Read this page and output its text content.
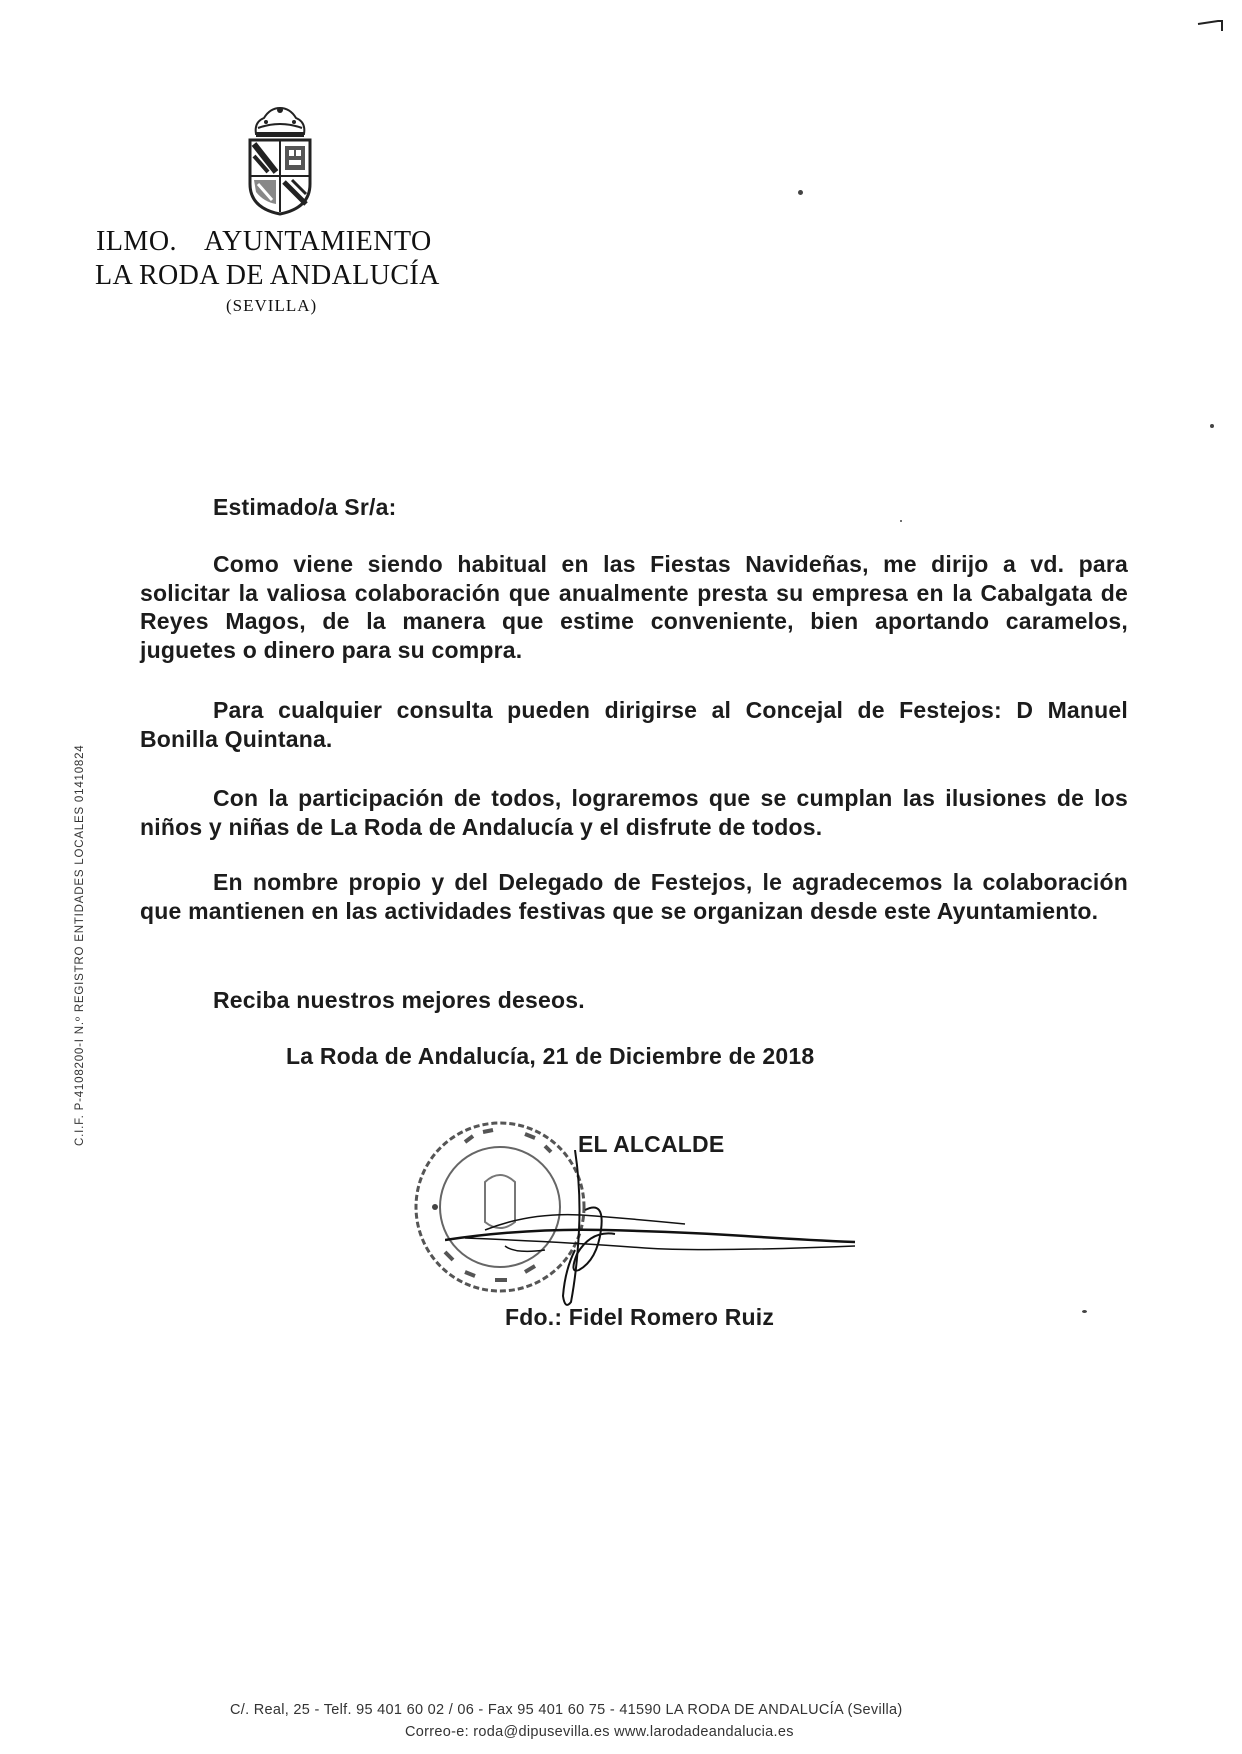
ILMO. AYUNTAMIENTO
LA RODA DE ANDALUCÍA
(SEVILLA)
C.I.F. P-4108200-I N.º REGISTRO ENTIDADES LOCALES 01410824
Estimado/a Sr/a:
Como viene siendo habitual en las Fiestas Navideñas, me dirijo a vd. para solicitar la valiosa colaboración que anualmente presta su empresa en la Cabalgata de Reyes Magos, de la manera que estime conveniente, bien aportando caramelos, juguetes o dinero para su compra.
Para cualquier consulta pueden dirigirse al Concejal de Festejos: D Manuel Bonilla Quintana.
Con la participación de todos, lograremos que se cumplan las ilusiones de los niños y niñas de La Roda de Andalucía y el disfrute de todos.
En nombre propio y del Delegado de Festejos, le agradecemos la colaboración que mantienen en las actividades festivas que se organizan desde este Ayuntamiento.
Reciba nuestros mejores deseos.
La Roda de Andalucía, 21 de Diciembre de 2018
EL ALCALDE
Fdo.: Fidel Romero Ruiz
C/. Real, 25 - Telf. 95 401 60 02 / 06 - Fax 95 401 60 75 - 41590 LA RODA DE ANDALUCÍA (Sevilla)
Correo-e: roda@dipusevilla.es www.larodadeandalucia.es
